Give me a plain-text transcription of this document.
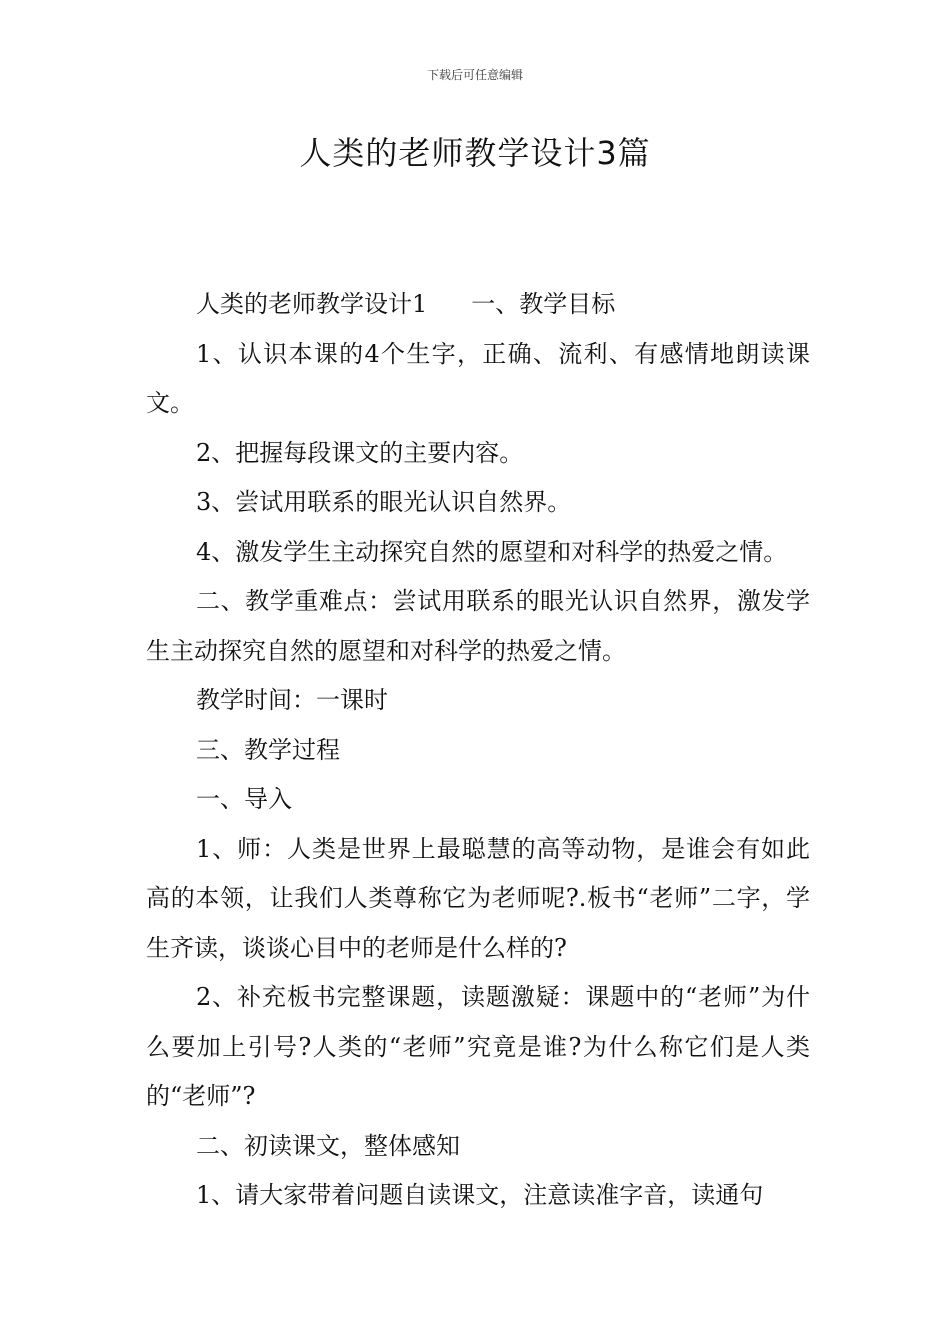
下载后可任意编辑
人类的老师教学设计3篇

人类的老师教学设计1 一、教学目标

1、认识本课的4个生字，正确、流利、有感情地朗读课文。

2、把握每段课文的主要内容。

3、尝试用联系的眼光认识自然界。

4、激发学生主动探究自然的愿望和对科学的热爱之情。

二、教学重难点：尝试用联系的眼光认识自然界，激发学生主动探究自然的愿望和对科学的热爱之情。

教学时间：一课时

三、教学过程

一、导入

1、师：人类是世界上最聪慧的高等动物，是谁会有如此高的本领，让我们人类尊称它为老师呢?.板书“老师”二字，学生齐读，谈谈心目中的老师是什么样的?

2、补充板书完整课题，读题激疑：课题中的“老师”为什么要加上引号?人类的“老师”究竟是谁?为什么称它们是人类的“老师”?

二、初读课文，整体感知

1、请大家带着问题自读课文，注意读准字音，读通句
